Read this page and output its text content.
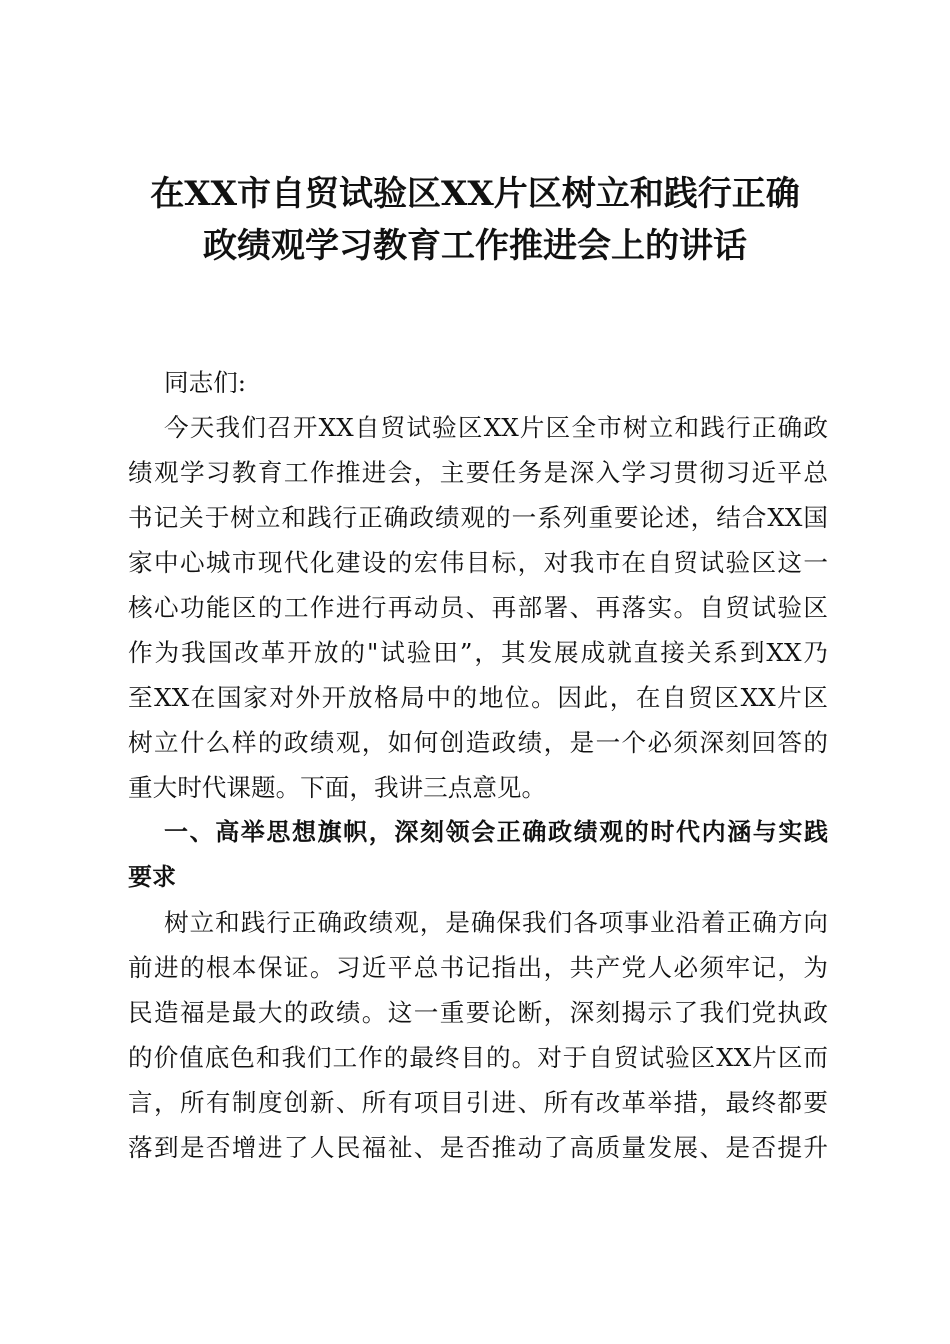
在XX市自贸试验区XX片区树立和践行正确
政绩观学习教育工作推进会上的讲话
同志们:
今天我们召开XX自贸试验区XX片区全市树立和践行正确政
绩观学习教育工作推进会，主要任务是深入学习贯彻习近平总
书记关于树立和践行正确政绩观的一系列重要论述，结合XX国
家中心城市现代化建设的宏伟目标，对我市在自贸试验区这一
核心功能区的工作进行再动员、再部署、再落实。自贸试验区
作为我国改革开放的"试验田”，其发展成就直接关系到XX乃
至XX在国家对外开放格局中的地位。因此，在自贸区XX片区
树立什么样的政绩观，如何创造政绩，是一个必须深刻回答的
重大时代课题。下面，我讲三点意见。
一、高举思想旗帜，深刻领会正确政绩观的时代内涵与实践
要求
树立和践行正确政绩观，是确保我们各项事业沿着正确方向
前进的根本保证。习近平总书记指出，共产党人必须牢记，为
民造福是最大的政绩。这一重要论断，深刻揭示了我们党执政
的价值底色和我们工作的最终目的。对于自贸试验区XX片区而
言，所有制度创新、所有项目引进、所有改革举措，最终都要
落到是否增进了人民福祉、是否推动了高质量发展、是否提升
